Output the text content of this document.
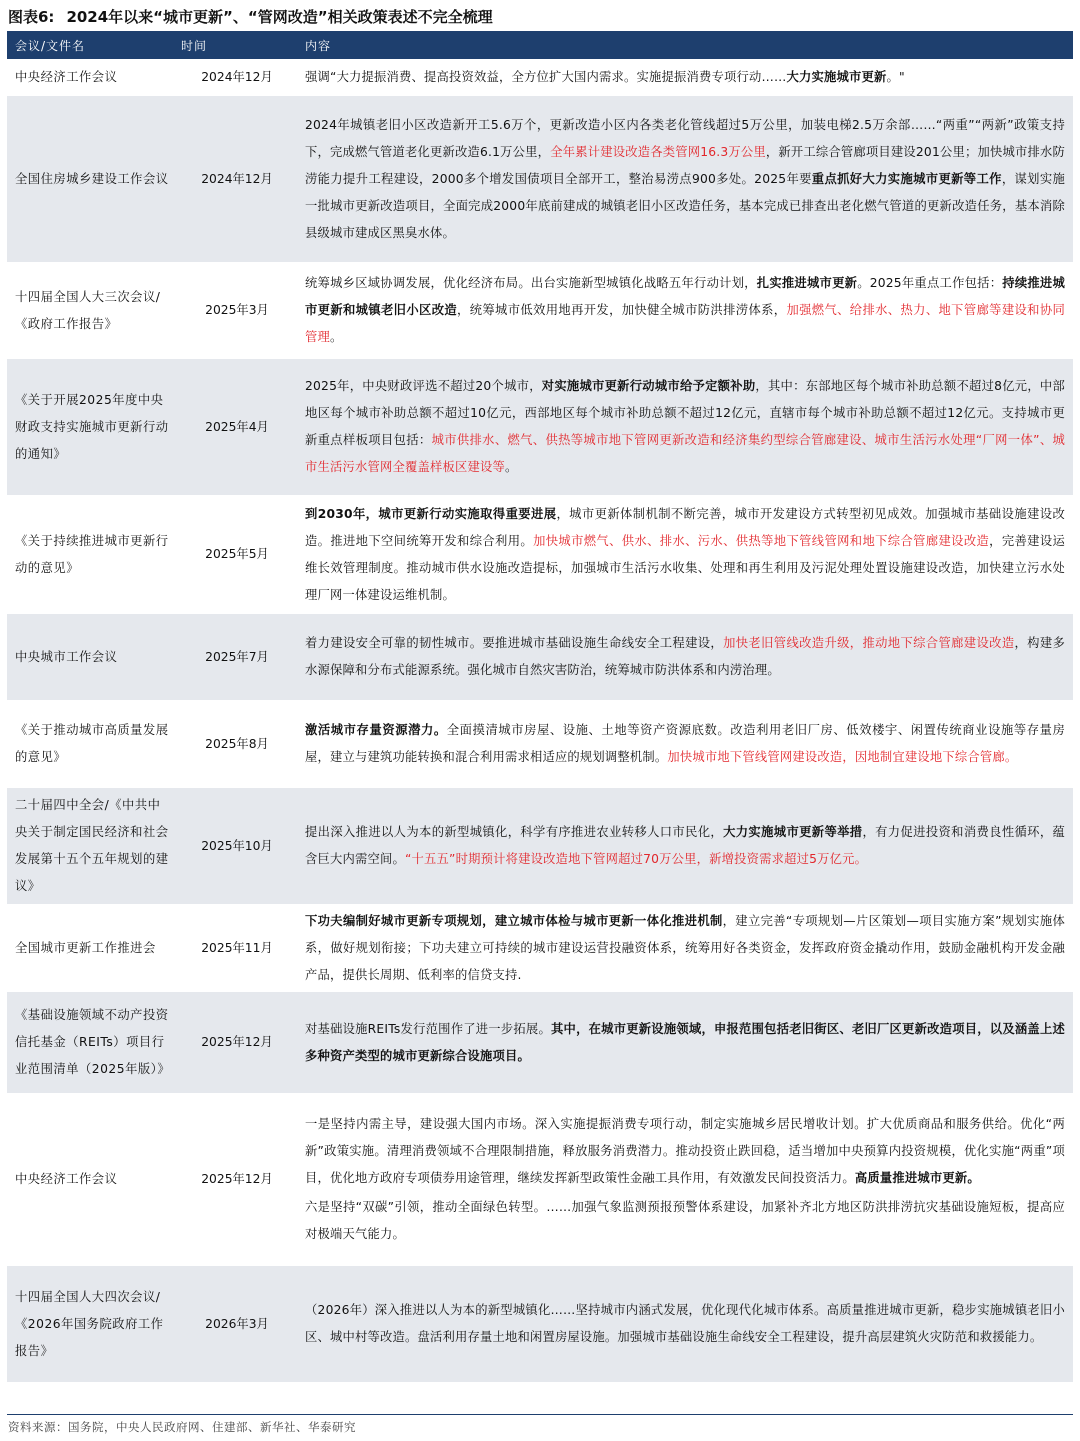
图表6: 2024年以来“城市更新”、“管网改造”相关政策表述不完全梳理
会议/文件名	时间	内容
中央经济工作会议	2024年12月	强调“大力提振消费、提高投资效益，全方位扩大国内需求。实施提振消费专项行动……大力实施城市更新。"

全国住房城乡建设工作会议	2024年12月	2024年城镇老旧小区改造新开工5.6万个，更新改造小区内各类老化管线超过5万公里，加装电梯2.5万余部……“两重”“两新”政策支持下，完成燃气管道老化更新改造6.1万公里，全年累计建设改造各类管网16.3万公里，新开工综合管廊项目建设201公里；加快城市排水防涝能力提升工程建设，2000多个增发国债项目全部开工，整治易涝点900多处。2025年要重点抓好大力实施城市更新等工作，谋划实施一批城市更新改造项目，全面完成2000年底前建成的城镇老旧小区改造任务，基本完成已排查出老化燃气管道的更新改造任务，基本消除县级城市建成区黑臭水体。

十四届全国人大三次会议/《政府工作报告》	2025年3月	统筹城乡区域协调发展，优化经济布局。出台实施新型城镇化战略五年行动计划，扎实推进城市更新。2025年重点工作包括：持续推进城市更新和城镇老旧小区改造，统筹城市低效用地再开发，加快健全城市防洪排涝体系，加强燃气、给排水、热力、地下管廊等建设和协同管理。

《关于开展2025年度中央财政支持实施城市更新行动的通知》	2025年4月	2025年，中央财政评选不超过20个城市，对实施城市更新行动城市给予定额补助，其中：东部地区每个城市补助总额不超过8亿元，中部地区每个城市补助总额不超过10亿元，西部地区每个城市补助总额不超过12亿元，直辖市每个城市补助总额不超过12亿元。支持城市更新重点样板项目包括：城市供排水、燃气、供热等城市地下管网更新改造和经济集约型综合管廊建设、城市生活污水处理“厂网一体”、城市生活污水管网全覆盖样板区建设等。

《关于持续推进城市更新行动的意见》	2025年5月	到2030年，城市更新行动实施取得重要进展，城市更新体制机制不断完善，城市开发建设方式转型初见成效。加强城市基础设施建设改造。推进地下空间统筹开发和综合利用。加快城市燃气、供水、排水、污水、供热等地下管线管网和地下综合管廊建设改造，完善建设运维长效管理制度。推动城市供水设施改造提标，加强城市生活污水收集、处理和再生利用及污泥处理处置设施建设改造，加快建立污水处理厂网一体建设运维机制。

中央城市工作会议	2025年7月	着力建设安全可靠的韧性城市。要推进城市基础设施生命线安全工程建设，加快老旧管线改造升级，推动地下综合管廊建设改造，构建多水源保障和分布式能源系统。强化城市自然灾害防治，统筹城市防洪体系和内涝治理。

《关于推动城市高质量发展的意见》	2025年8月	激活城市存量资源潜力。全面摸清城市房屋、设施、土地等资产资源底数。改造利用老旧厂房、低效楼宇、闲置传统商业设施等存量房屋，建立与建筑功能转换和混合利用需求相适应的规划调整机制。加快城市地下管线管网建设改造，因地制宜建设地下综合管廊。

二十届四中全会/《中共中央关于制定国民经济和社会发展第十五个五年规划的建议》	2025年10月	提出深入推进以人为本的新型城镇化，科学有序推进农业转移人口市民化，大力实施城市更新等举措，有力促进投资和消费良性循环，蕴含巨大内需空间。“十五五”时期预计将建设改造地下管网超过70万公里，新增投资需求超过5万亿元。

全国城市更新工作推进会	2025年11月	下功夫编制好城市更新专项规划，建立城市体检与城市更新一体化推进机制，建立完善“专项规划—片区策划—项目实施方案”规划实施体系，做好规划衔接；下功夫建立可持续的城市建设运营投融资体系，统筹用好各类资金，发挥政府资金撬动作用，鼓励金融机构开发金融产品，提供长周期、低利率的信贷支持.

《基础设施领域不动产投资信托基金（REITs）项目行业范围清单（2025年版）》	2025年12月	对基础设施REITs发行范围作了进一步拓展。其中，在城市更新设施领域，申报范围包括老旧街区、老旧厂区更新改造项目，以及涵盖上述多种资产类型的城市更新综合设施项目。

中央经济工作会议	2025年12月	一是坚持内需主导，建设强大国内市场。深入实施提振消费专项行动，制定实施城乡居民增收计划。扩大优质商品和服务供给。优化“两新”政策实施。清理消费领域不合理限制措施，释放服务消费潜力。推动投资止跌回稳，适当增加中央预算内投资规模，优化实施“两重”项目，优化地方政府专项债券用途管理，继续发挥新型政策性金融工具作用，有效激发民间投资活力。高质量推进城市更新。
六是坚持“双碳”引领，推动全面绿色转型。……加强气象监测预报预警体系建设，加紧补齐北方地区防洪排涝抗灾基础设施短板，提高应对极端天气能力。

十四届全国人大四次会议/《2026年国务院政府工作报告》	2026年3月	（2026年）深入推进以人为本的新型城镇化……坚持城市内涵式发展，优化现代化城市体系。高质量推进城市更新，稳步实施城镇老旧小区、城中村等改造。盘活利用存量土地和闲置房屋设施。加强城市基础设施生命线安全工程建设，提升高层建筑火灾防范和救援能力。
资料来源：国务院，中央人民政府网、住建部、新华社、华泰研究
